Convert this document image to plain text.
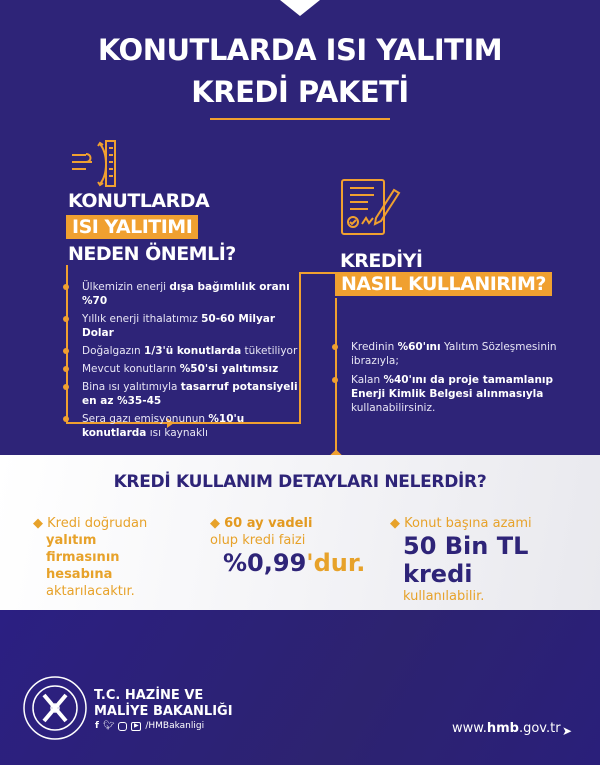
KONUTLARDA ISI YALITIM
KREDİ PAKETİ
KONUTLARDA
ISI YALITIMI
NEDEN ÖNEMLİ?
Ülkemizin enerji dışa bağımlılık oranı %70
Yıllık enerji ithalatımız 50-60 Milyar Dolar
Doğalgazın 1/3'ü konutlarda tüketiliyor
Mevcut konutların %50'si yalıtımsız
Bina ısı yalıtımıyla tasarruf potansiyeli en az %35-45
Sera gazı emisyonunun %10'u konutlarda ısı kaynaklı
KREDİYİ
NASIL KULLANIRIM?
Kredinin %60'ını Yalıtım Sözleşmesinin ibrazıyla;
Kalan %40'ını da proje tamamlanıp Enerji Kimlik Belgesi alınmasıyla kullanabilirsiniz.
KREDİ KULLANIM DETAYLARI NELERDİR?
◆ Kredi doğrudan
yalıtım firmasının hesabına
aktarılacaktır.
◆ 60 ay vadeli olup kredi faizi
%0,99'dur.
◆ Konut başına azami
50 Bin TL kredi
kullanılabilir.
T.C. HAZİNE VE
MALİYE BAKANLIĞI
f 🐦︎	▶ /HMBakanligi	www.hmb.gov.tr ➤
